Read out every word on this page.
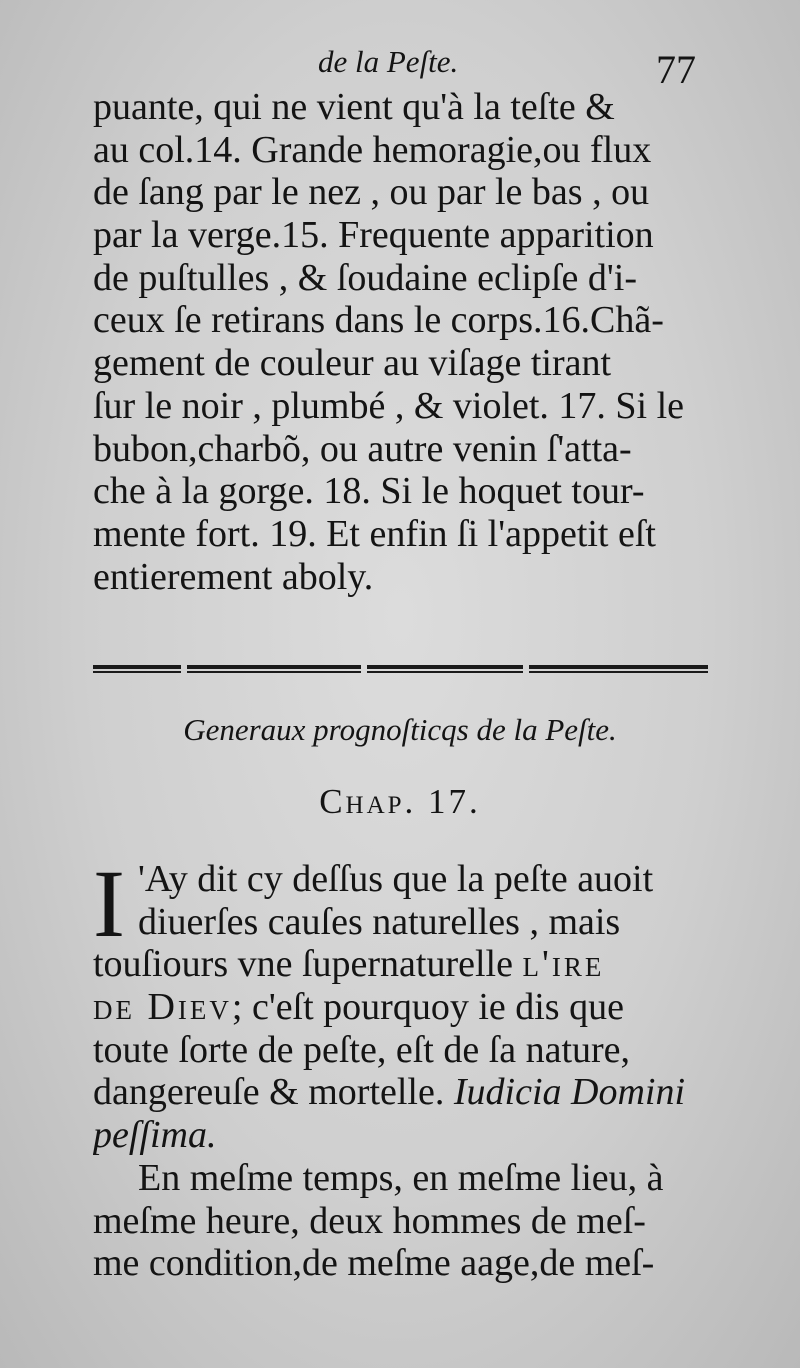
de la Peſte.	77
puante, qui ne vient qu'à la teſte &
au col.14. Grande hemoragie,ou flux
de ſang par le nez , ou par le bas , ou
par la verge.15. Frequente apparition
de puſtulles , & ſoudaine eclipſe d'i-
ceux ſe retirans dans le corps.16.Chã-
gement de couleur au viſage tirant
ſur le noir , plumbé , & violet. 17. Si le
bubon,charbõ, ou autre venin ſ'atta-
che à la gorge. 18. Si le hoquet tour-
mente fort. 19. Et enfin ſi l'appetit eſt
entierement aboly.
Generaux prognoſticqs de la Peſte.
Chap. 17.
I 'Ay dit cy deſſus que la peſte auoit
diuerſes cauſes naturelles , mais
touſiours vne ſupernaturelle l'ire
de Diev; c'eſt pourquoy ie dis que
toute ſorte de peſte, eſt de ſa nature,
dangereuſe & mortelle. Iudicia Domini
peſſima.
En meſme temps, en meſme lieu, à
meſme heure, deux hommes de meſ-
me condition,de meſme aage,de meſ-
